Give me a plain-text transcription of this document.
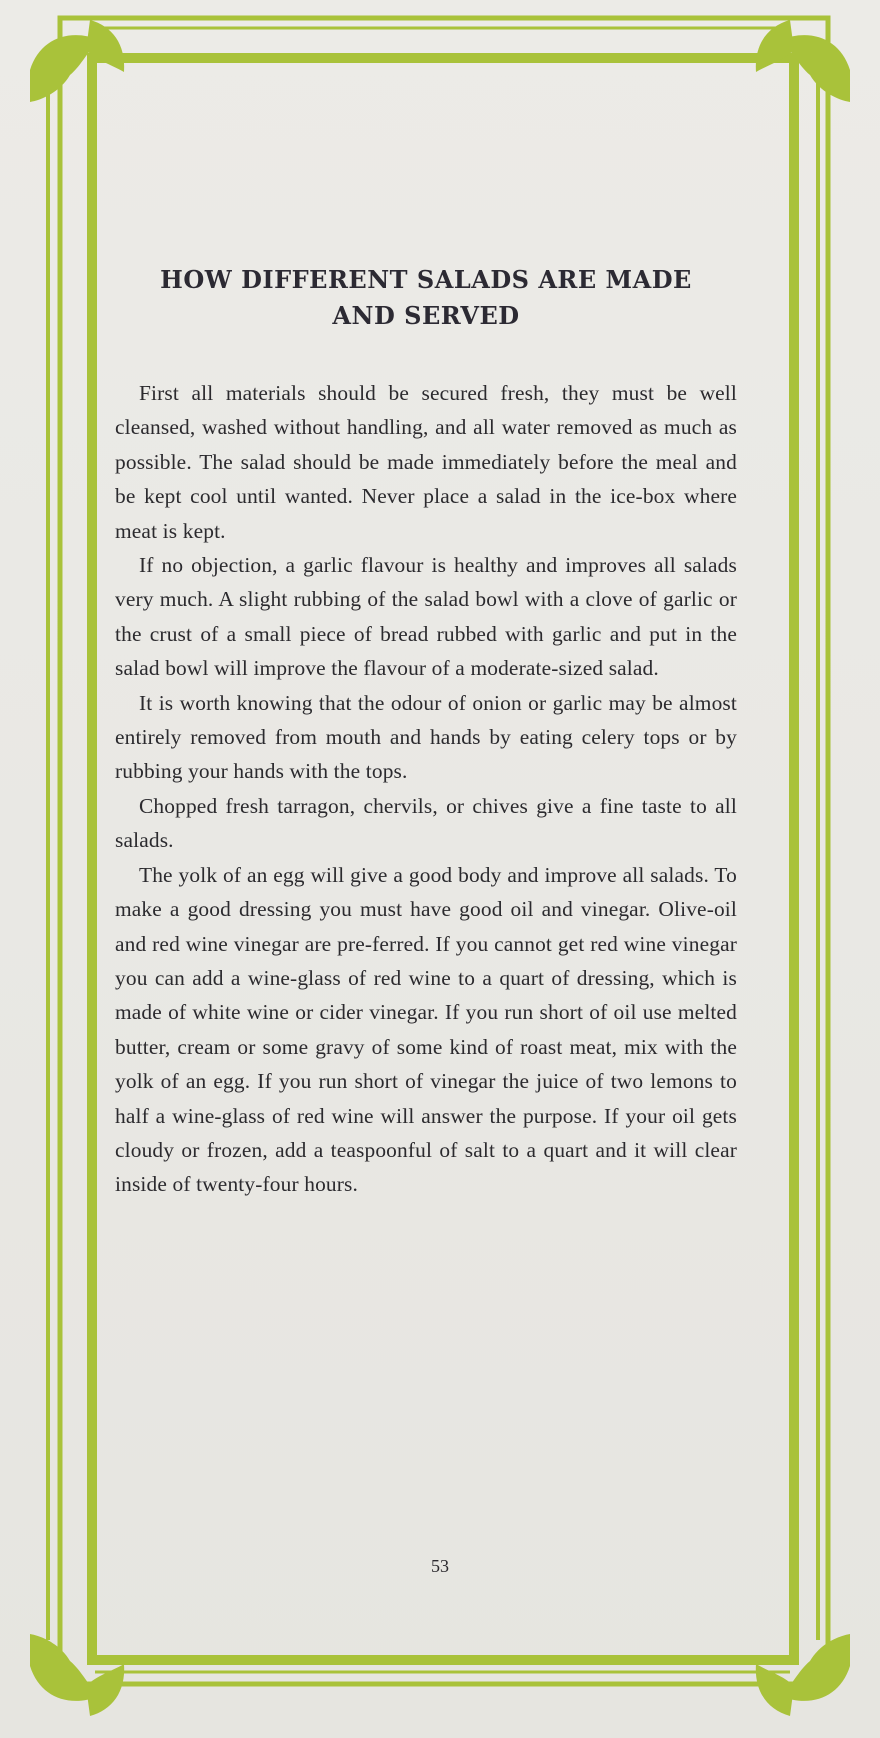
HOW DIFFERENT SALADS ARE MADE
AND SERVED

First all materials should be secured fresh, they must be well cleansed, washed without handling, and all water removed as much as possible. The salad should be made immediately before the meal and be kept cool until wanted. Never place a salad in the ice-box where meat is kept.

If no objection, a garlic flavour is healthy and improves all salads very much. A slight rubbing of the salad bowl with a clove of garlic or the crust of a small piece of bread rubbed with garlic and put in the salad bowl will improve the flavour of a moderate-sized salad.

It is worth knowing that the odour of onion or garlic may be almost entirely removed from mouth and hands by eating celery tops or by rubbing your hands with the tops.

Chopped fresh tarragon, chervils, or chives give a fine taste to all salads.

The yolk of an egg will give a good body and improve all salads. To make a good dressing you must have good oil and vinegar. Olive-oil and red wine vinegar are pre-ferred. If you cannot get red wine vinegar you can add a wine-glass of red wine to a quart of dressing, which is made of white wine or cider vinegar. If you run short of oil use melted butter, cream or some gravy of some kind of roast meat, mix with the yolk of an egg. If you run short of vinegar the juice of two lemons to half a wine-glass of red wine will answer the purpose. If your oil gets cloudy or frozen, add a teaspoonful of salt to a quart and it will clear inside of twenty-four hours.

53
